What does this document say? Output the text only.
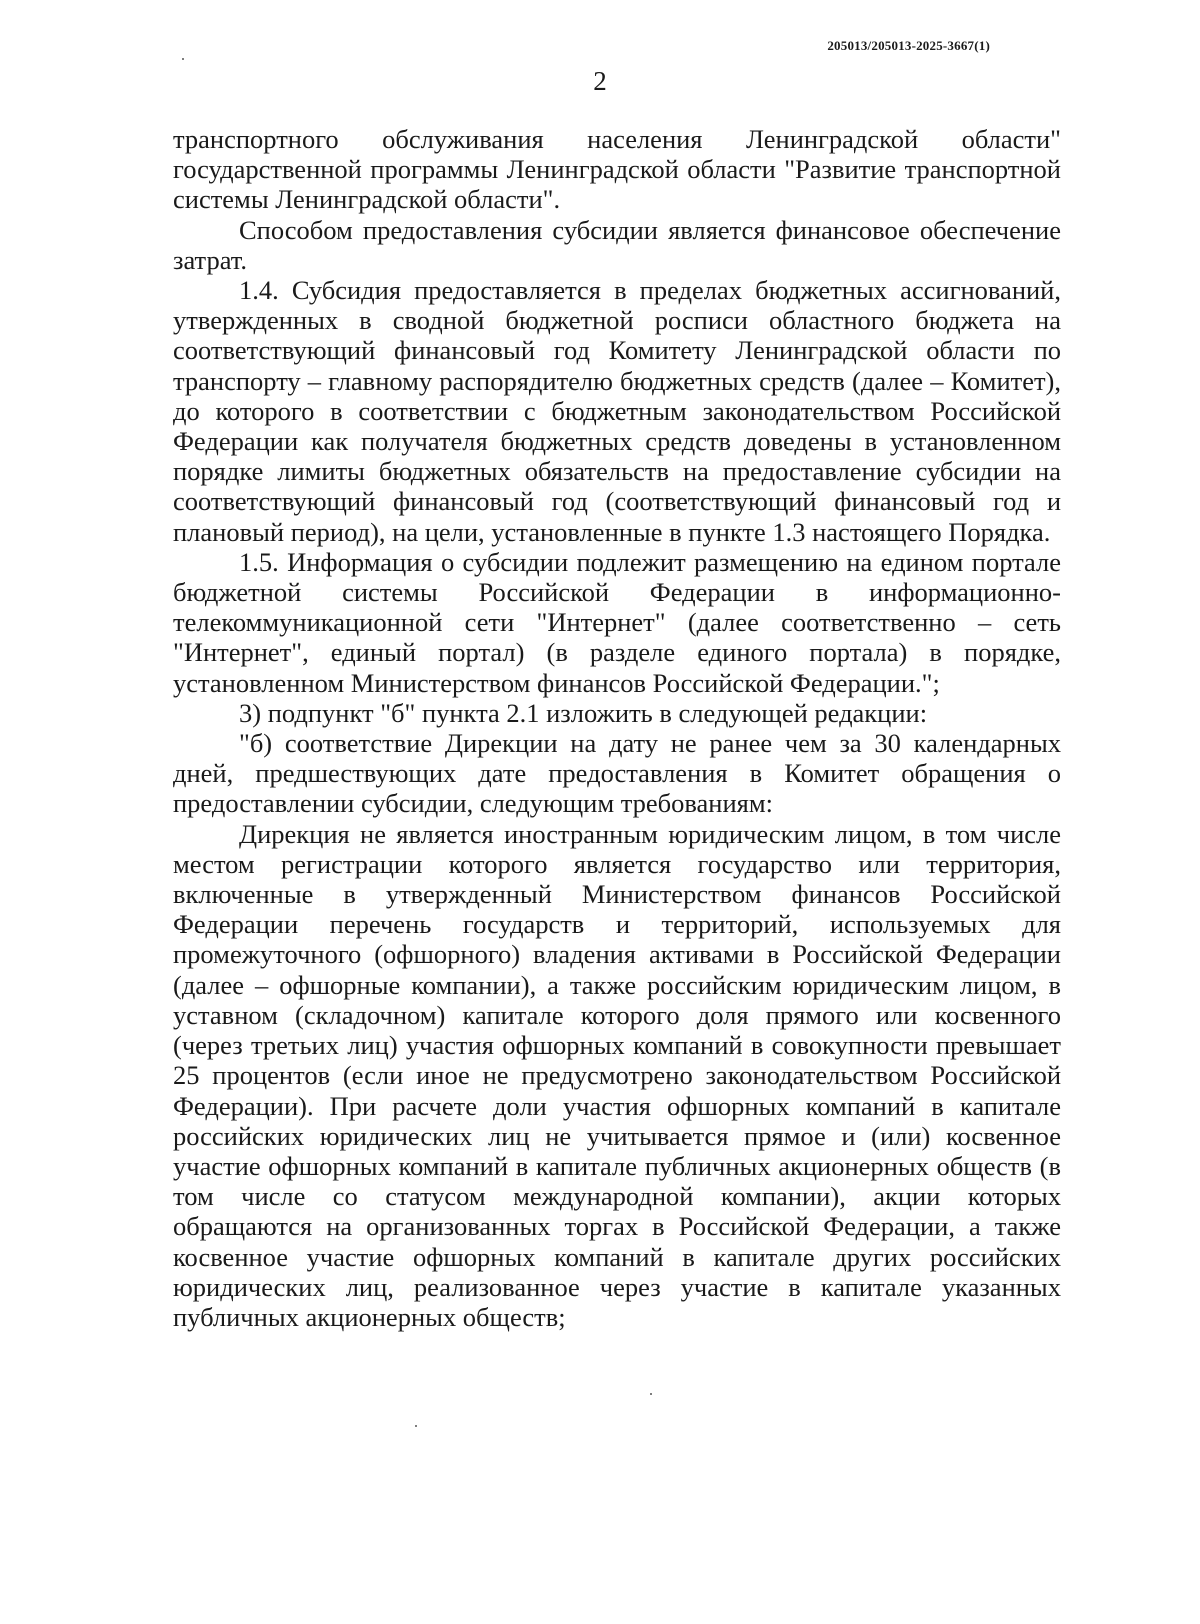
205013/205013-2025-3667(1)
2

транспортного обслуживания населения Ленинградской области" государственной программы Ленинградской области "Развитие транспортной системы Ленинградской области".

Способом предоставления субсидии является финансовое обеспечение затрат.

1.4. Субсидия предоставляется в пределах бюджетных ассигнований, утвержденных в сводной бюджетной росписи областного бюджета на соответствующий финансовый год Комитету Ленинградской области по транспорту – главному распорядителю бюджетных средств (далее – Комитет), до которого в соответствии с бюджетным законодательством Российской Федерации как получателя бюджетных средств доведены в установленном порядке лимиты бюджетных обязательств на предоставление субсидии на соответствующий финансовый год (соответствующий финансовый год и плановый период), на цели, установленные в пункте 1.3 настоящего Порядка.

1.5. Информация о субсидии подлежит размещению на едином портале бюджетной системы Российской Федерации в информационно-телекоммуникационной сети "Интернет" (далее соответственно – сеть "Интернет", единый портал) (в разделе единого портала) в порядке, установленном Министерством финансов Российской Федерации.";

3) подпункт "б" пункта 2.1 изложить в следующей редакции:

"б) соответствие Дирекции на дату не ранее чем за 30 календарных дней, предшествующих дате предоставления в Комитет обращения о предоставлении субсидии, следующим требованиям:

Дирекция не является иностранным юридическим лицом, в том числе местом регистрации которого является государство или территория, включенные в утвержденный Министерством финансов Российской Федерации перечень государств и территорий, используемых для промежуточного (офшорного) владения активами в Российской Федерации (далее – офшорные компании), а также российским юридическим лицом, в уставном (складочном) капитале которого доля прямого или косвенного (через третьих лиц) участия офшорных компаний в совокупности превышает 25 процентов (если иное не предусмотрено законодательством Российской Федерации). При расчете доли участия офшорных компаний в капитале российских юридических лиц не учитывается прямое и (или) косвенное участие офшорных компаний в капитале публичных акционерных обществ (в том числе со статусом международной компании), акции которых обращаются на организованных торгах в Российской Федерации, а также косвенное участие офшорных компаний в капитале других российских юридических лиц, реализованное через участие в капитале указанных публичных акционерных обществ;
